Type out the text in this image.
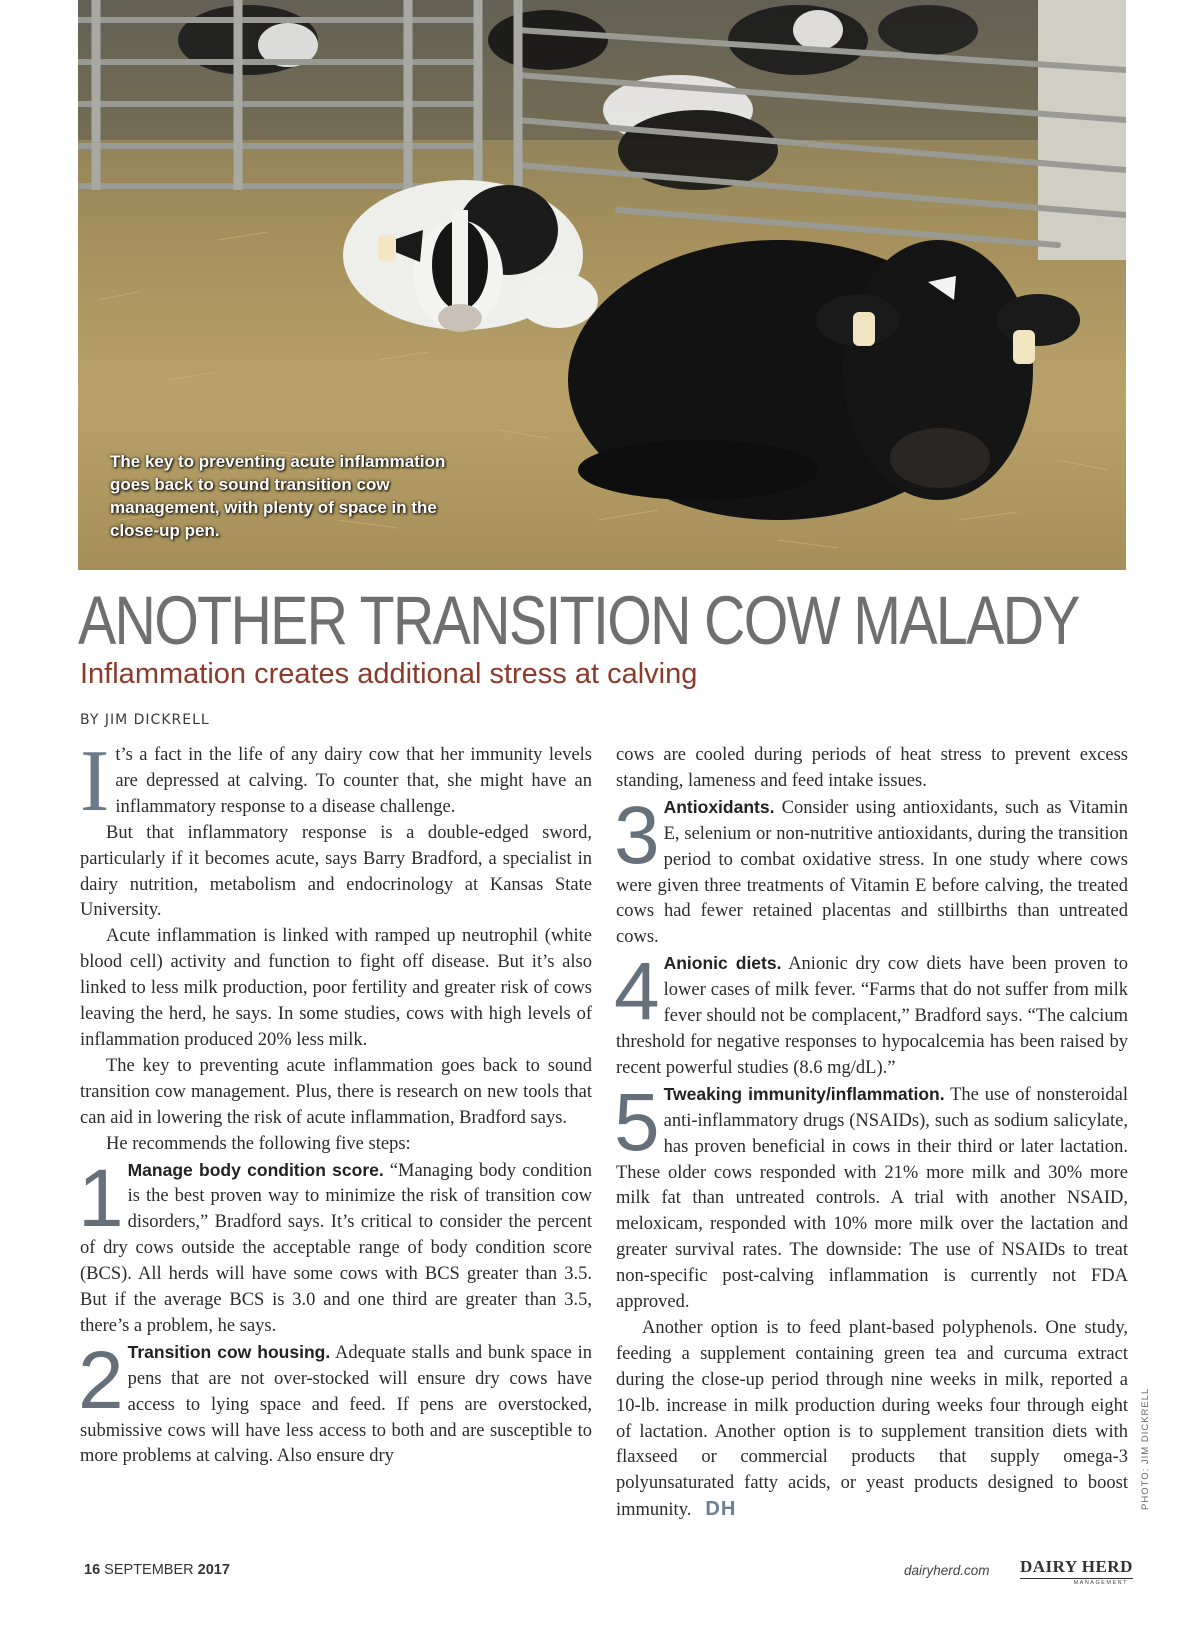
The key to preventing acute inflammation goes back to sound transition cow management, with plenty of space in the close-up pen.
ANOTHER TRANSITION COW MALADY
Inflammation creates additional stress at calving
BY JIM DICKRELL

It’s a fact in the life of any dairy cow that her immunity levels are depressed at calving. To counter that, she might have an inflammatory response to a disease challenge.

But that inflammatory response is a double-edged sword, particularly if it becomes acute, says Barry Bradford, a specialist in dairy nutrition, metabolism and endocrinology at Kansas State University.

Acute inflammation is linked with ramped up neutrophil (white blood cell) activity and function to fight off disease. But it’s also linked to less milk production, poor fertility and greater risk of cows leaving the herd, he says. In some studies, cows with high levels of inflammation produced 20% less milk.

The key to preventing acute inflammation goes back to sound transition cow management. Plus, there is research on new tools that can aid in lowering the risk of acute inflammation, Bradford says.

He recommends the following five steps:

1 Manage body condition score. “Managing body condition is the best proven way to minimize the risk of transition cow disorders,” Bradford says. It’s critical to consider the percent of dry cows outside the acceptable range of body condition score (BCS). All herds will have some cows with BCS greater than 3.5. But if the average BCS is 3.0 and one third are greater than 3.5, there’s a problem, he says.

2 Transition cow housing. Adequate stalls and bunk space in pens that are not over-stocked will ensure dry cows have access to lying space and feed. If pens are overstocked, submissive cows will have less access to both and are susceptible to more problems at calving. Also ensure dry

cows are cooled during periods of heat stress to prevent excess standing, lameness and feed intake issues.

3 Antioxidants. Consider using antioxidants, such as Vitamin E, selenium or non-nutritive antioxidants, during the transition period to combat oxidative stress. In one study where cows were given three treatments of Vitamin E before calving, the treated cows had fewer retained placentas and stillbirths than untreated cows.

4 Anionic diets. Anionic dry cow diets have been proven to lower cases of milk fever. “Farms that do not suffer from milk fever should not be complacent,” Bradford says. “The calcium threshold for negative responses to hypocalcemia has been raised by recent powerful studies (8.6 mg/dL).”

5 Tweaking immunity/inflammation. The use of nonsteroidal anti-inflammatory drugs (NSAIDs), such as sodium salicylate, has proven beneficial in cows in their third or later lactation. These older cows responded with 21% more milk and 30% more milk fat than untreated controls. A trial with another NSAID, meloxicam, responded with 10% more milk over the lactation and greater survival rates. The downside: The use of NSAIDs to treat non-specific post-calving inflammation is currently not FDA approved.

Another option is to feed plant-based polyphenols. One study, feeding a supplement containing green tea and curcuma extract during the close-up period through nine weeks in milk, reported a 10-lb. increase in milk production during weeks four through eight of lactation. Another option is to supplement transition diets with flaxseed or commercial products that supply omega-3 polyunsaturated fatty acids, or yeast products designed to boost immunity. DH	PHOTO: JIM DICKRELL
16 SEPTEMBER 2017	dairyherd.com DAIRY HERD
MANAGEMENT
